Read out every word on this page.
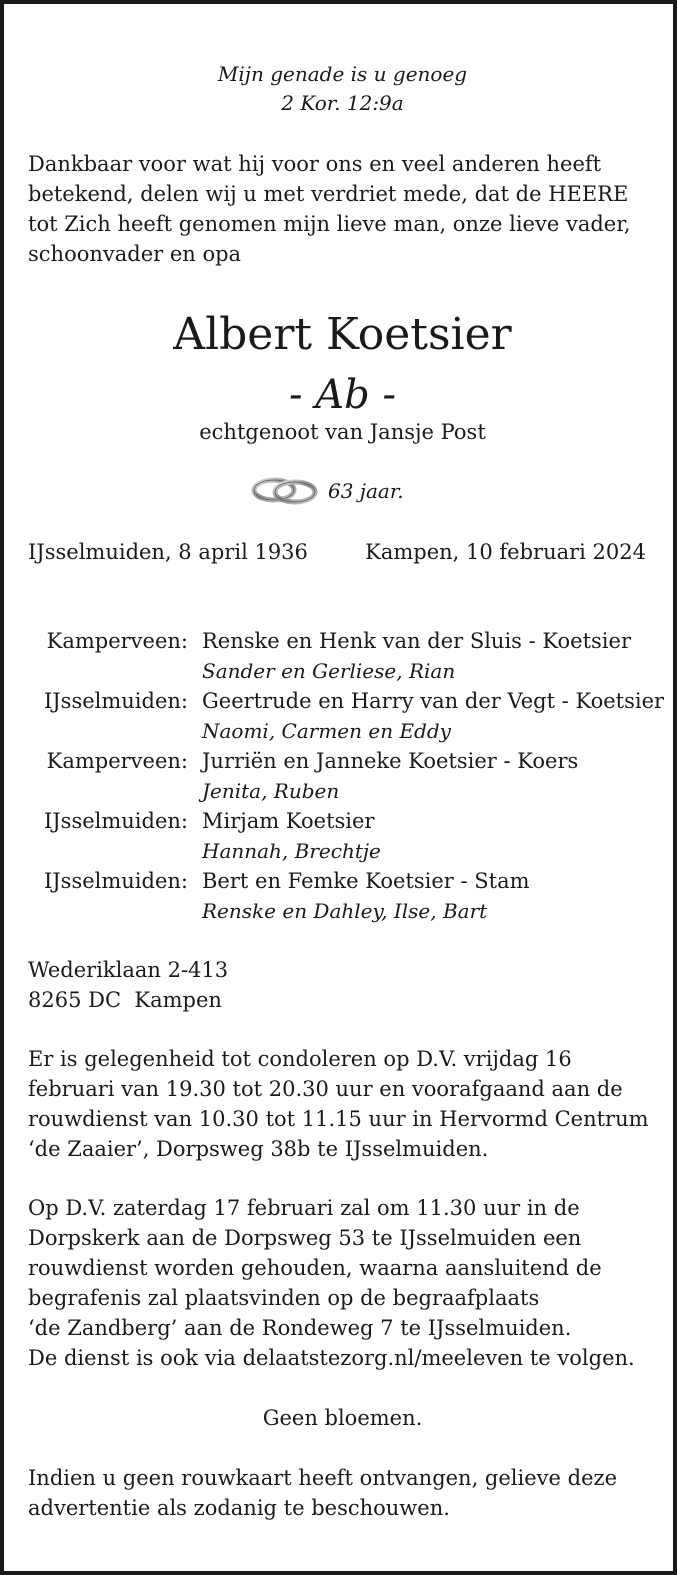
Mijn genade is u genoeg
2 Kor. 12:9a
Dankbaar voor wat hij voor ons en veel anderen heeft
betekend, delen wij u met verdriet mede, dat de HEERE
tot Zich heeft genomen mijn lieve man, onze lieve vader,
schoonvader en opa
Albert Koetsier
- Ab -
echtgenoot van Jansje Post
63 jaar.
IJsselmuiden, 8 april 1936	Kampen, 10 februari 2024
Kamperveen: Renske en Henk van der Sluis - Koetsier
Sander en Gerliese, Rian
IJsselmuiden: Geertrude en Harry van der Vegt - Koetsier
Naomi, Carmen en Eddy
Kamperveen: Jurriën en Janneke Koetsier - Koers
Jenita, Ruben
IJsselmuiden: Mirjam Koetsier
Hannah, Brechtje
IJsselmuiden: Bert en Femke Koetsier - Stam
Renske en Dahley, Ilse, Bart
Wederiklaan 2-413
8265 DC  Kampen
Er is gelegenheid tot condoleren op D.V. vrijdag 16
februari van 19.30 tot 20.30 uur en voorafgaand aan de
rouwdienst van 10.30 tot 11.15 uur in Hervormd Centrum
‘de Zaaier’, Dorpsweg 38b te IJsselmuiden.
Op D.V. zaterdag 17 februari zal om 11.30 uur in de
Dorpskerk aan de Dorpsweg 53 te IJsselmuiden een
rouwdienst worden gehouden, waarna aansluitend de
begrafenis zal plaatsvinden op de begraafplaats
‘de Zandberg’ aan de Rondeweg 7 te IJsselmuiden.
De dienst is ook via delaatstezorg.nl/meeleven te volgen.
Geen bloemen.
Indien u geen rouwkaart heeft ontvangen, gelieve deze
advertentie als zodanig te beschouwen.
